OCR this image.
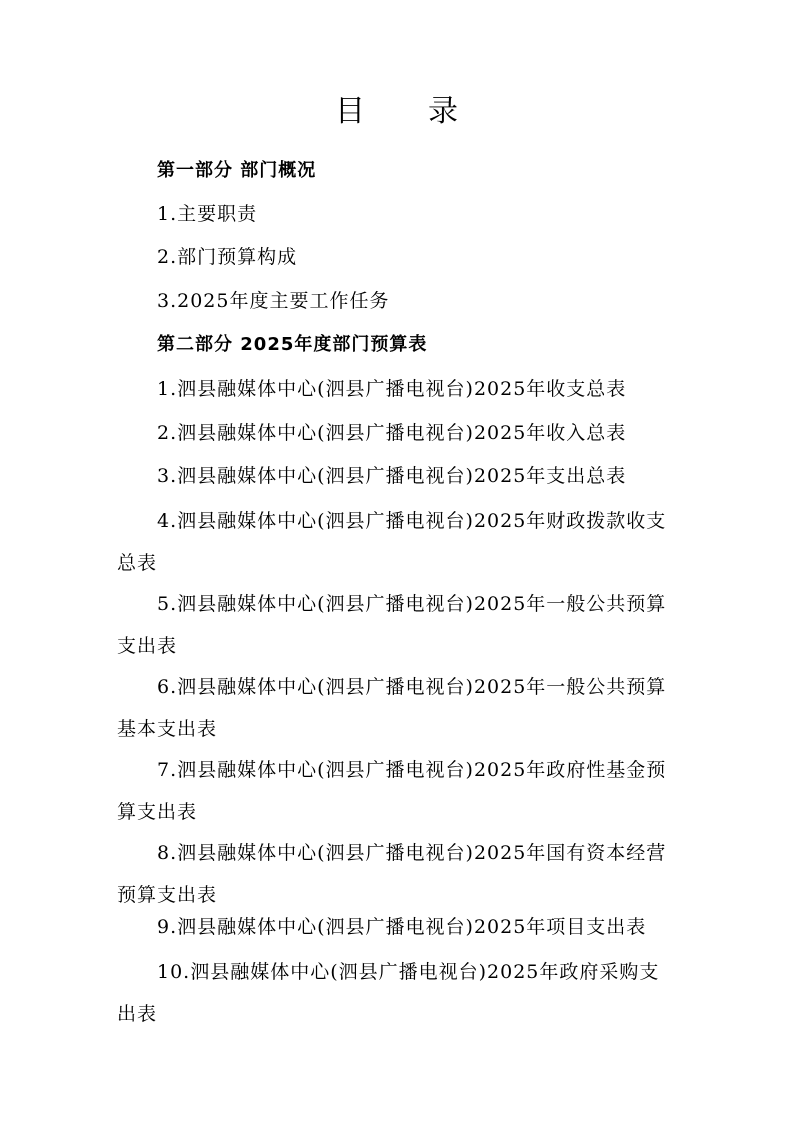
目 录
第一部分 部门概况
1.主要职责
2.部门预算构成
3.2025年度主要工作任务
第二部分 2025年度部门预算表
1.泗县融媒体中心(泗县广播电视台)2025年收支总表
2.泗县融媒体中心(泗县广播电视台)2025年收入总表
3.泗县融媒体中心(泗县广播电视台)2025年支出总表
4.泗县融媒体中心(泗县广播电视台)2025年财政拨款收支总表
5.泗县融媒体中心(泗县广播电视台)2025年一般公共预算支出表
6.泗县融媒体中心(泗县广播电视台)2025年一般公共预算基本支出表
7.泗县融媒体中心(泗县广播电视台)2025年政府性基金预算支出表
8.泗县融媒体中心(泗县广播电视台)2025年国有资本经营预算支出表
9.泗县融媒体中心(泗县广播电视台)2025年项目支出表
10.泗县融媒体中心(泗县广播电视台)2025年政府采购支出表
